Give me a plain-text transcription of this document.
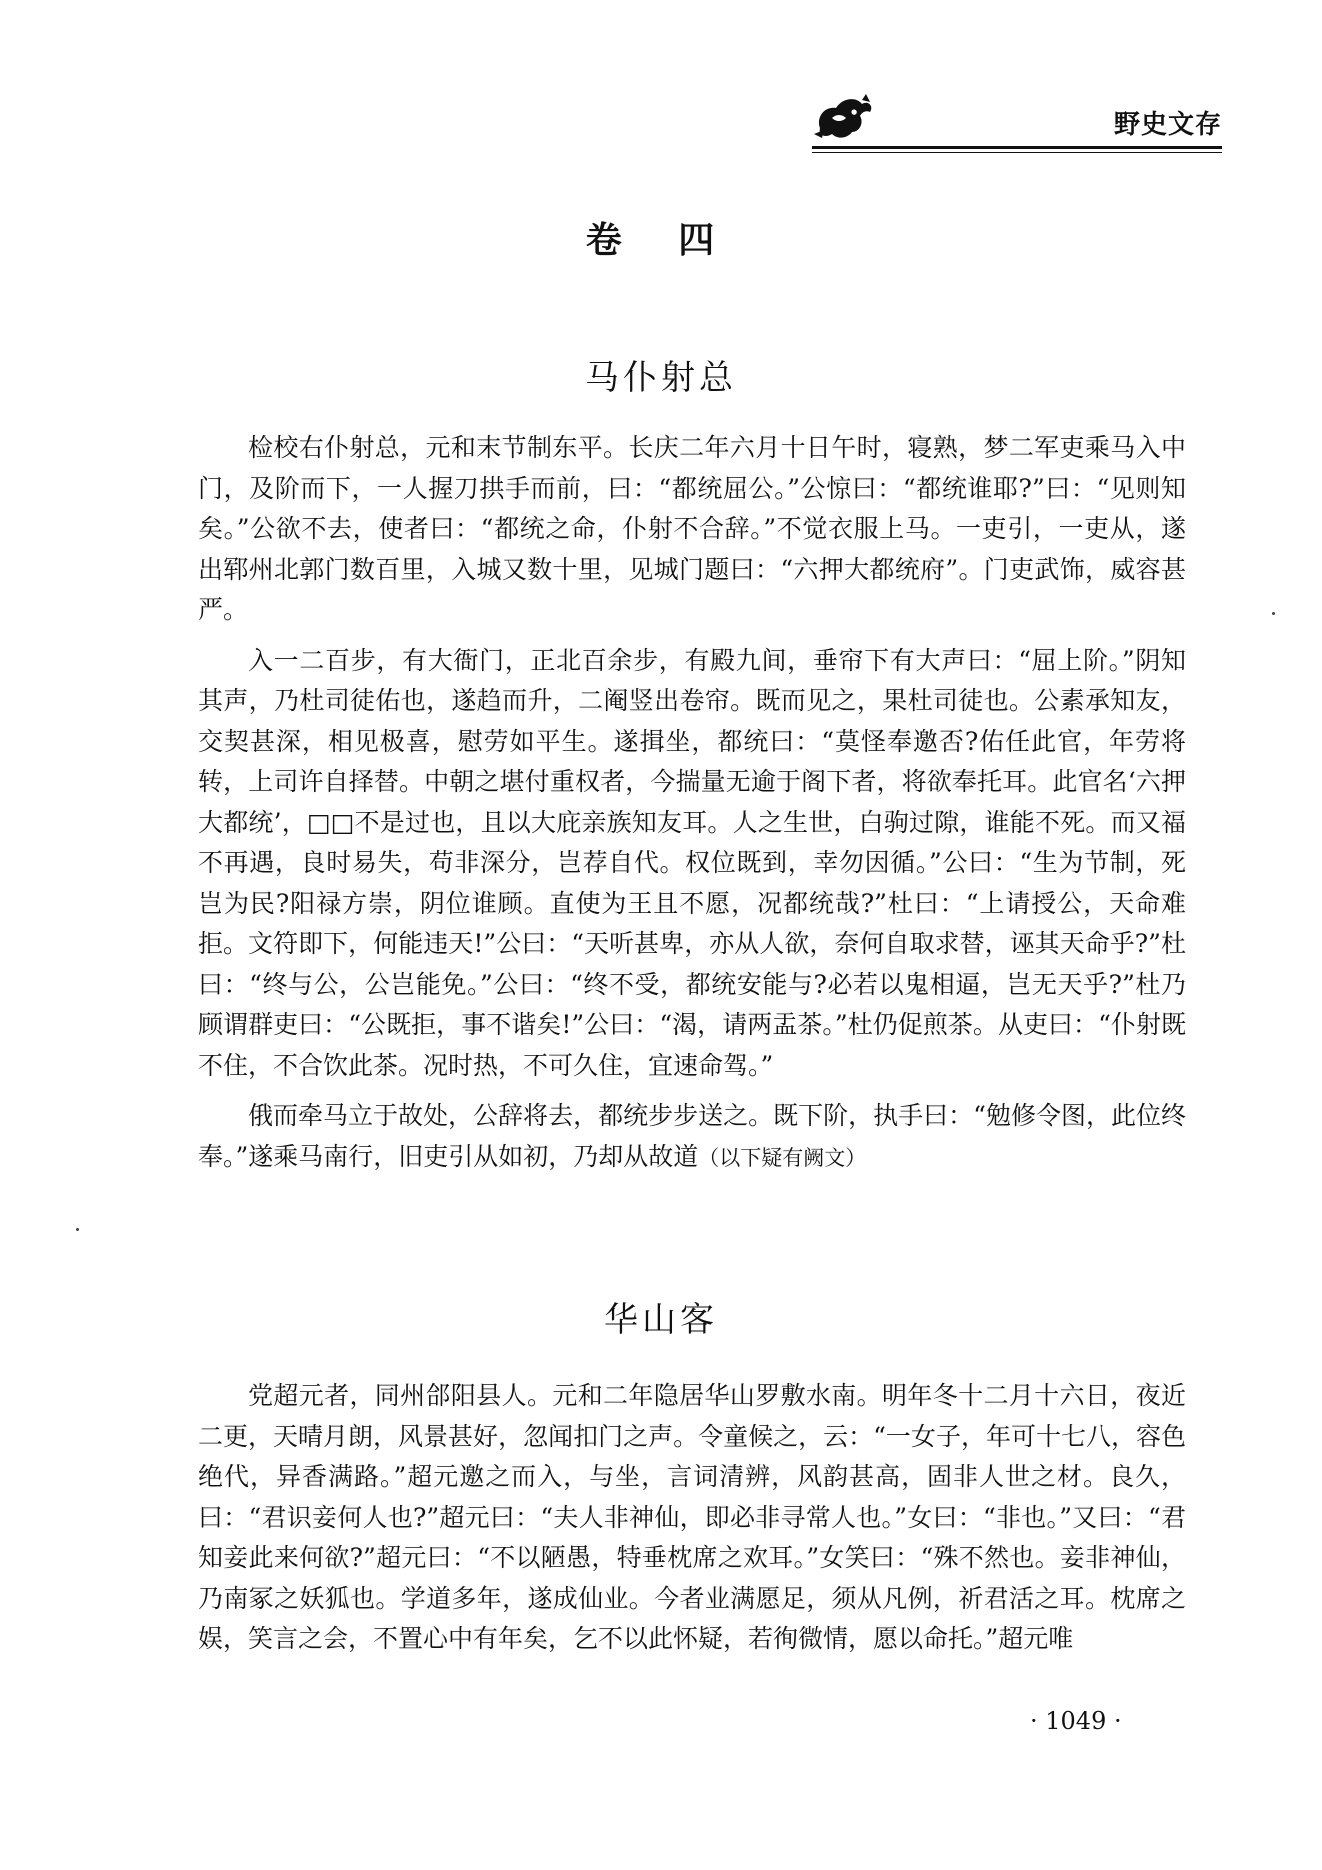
野史文存
卷 四
马仆射总

检校右仆射总，元和末节制东平。长庆二年六月十日午时，寝熟，梦二军吏乘马入中门，及阶而下，一人握刀拱手而前，曰：“都统屈公。”公惊曰：“都统谁耶?”曰：“见则知矣。”公欲不去，使者曰：“都统之命，仆射不合辞。”不觉衣服上马。一吏引，一吏从，遂出郓州北郭门数百里，入城又数十里，见城门题曰：“六押大都统府”。门吏武饰，威容甚严。

入一二百步，有大衙门，正北百余步，有殿九间，垂帘下有大声曰：“屈上阶。”阴知其声，乃杜司徒佑也，遂趋而升，二阉竖出卷帘。既而见之，果杜司徒也。公素承知友，交契甚深，相见极喜，慰劳如平生。遂揖坐，都统曰：“莫怪奉邀否?佑任此官，年劳将转，上司许自择替。中朝之堪付重权者，今揣量无逾于阁下者，将欲奉托耳。此官名‘六押大都统’，□□不是过也，且以大庇亲族知友耳。人之生世，白驹过隙，谁能不死。而又福不再遇，良时易失，苟非深分，岂荐自代。权位既到，幸勿因循。”公曰：“生为节制，死岂为民?阳禄方崇，阴位谁顾。直使为王且不愿，况都统哉?”杜曰：“上请授公，天命难拒。文符即下，何能违天!”公曰：“天听甚卑，亦从人欲，奈何自取求替，诬其天命乎?”杜曰：“终与公，公岂能免。”公曰：“终不受，都统安能与?必若以鬼相逼，岂无天乎?”杜乃顾谓群吏曰：“公既拒，事不谐矣!”公曰：“渴，请两盂茶。”杜仍促煎茶。从吏曰：“仆射既不住，不合饮此茶。况时热，不可久住，宜速命驾。”

俄而牵马立于故处，公辞将去，都统步步送之。既下阶，执手曰：“勉修令图，此位终奉。”遂乘马南行，旧吏引从如初，乃却从故道（以下疑有阙文）

华山客

党超元者，同州郃阳县人。元和二年隐居华山罗敷水南。明年冬十二月十六日，夜近二更，天晴月朗，风景甚好，忽闻扣门之声。令童候之，云：“一女子，年可十七八，容色绝代，异香满路。”超元邀之而入，与坐，言词清辨，风韵甚高，固非人世之材。良久，曰：“君识妾何人也?”超元曰：“夫人非神仙，即必非寻常人也。”女曰：“非也。”又曰：“君知妾此来何欲?”超元曰：“不以陋愚，特垂枕席之欢耳。”女笑曰：“殊不然也。妾非神仙，乃南冢之妖狐也。学道多年，遂成仙业。今者业满愿足，须从凡例，祈君活之耳。枕席之娱，笑言之会，不置心中有年矣，乞不以此怀疑，若徇微情，愿以命托。”超元唯

· 1049 ·
